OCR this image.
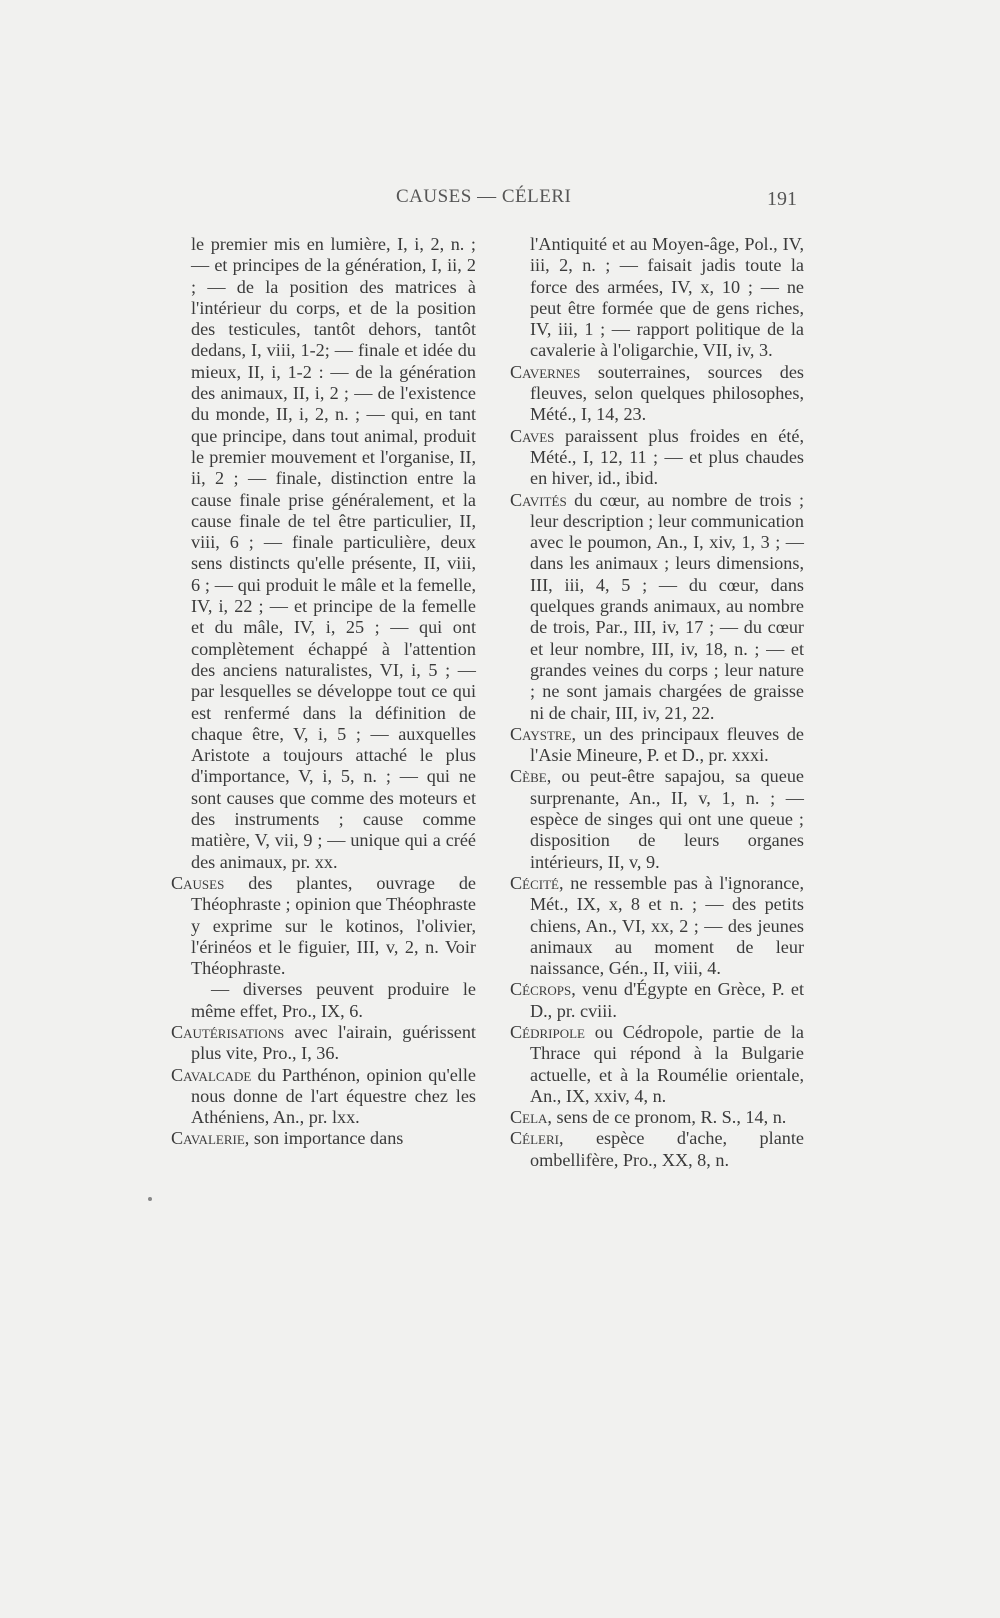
CAUSES — CÉLERI	191

le premier mis en lumière, I, i, 2, n. ; — et principes de la génération, I, ii, 2 ; — de la position des matrices à l'intérieur du corps, et de la position des testicules, tantôt dehors, tantôt dedans, I, viii, 1-2; — finale et idée du mieux, II, i, 1-2 : — de la génération des animaux, II, i, 2 ; — de l'existence du monde, II, i, 2, n. ; — qui, en tant que principe, dans tout animal, produit le premier mouvement et l'organise, II, ii, 2 ; — finale, distinction entre la cause finale prise généralement, et la cause finale de tel être particulier, II, viii, 6 ; — finale particulière, deux sens distincts qu'elle présente, II, viii, 6 ; — qui produit le mâle et la femelle, IV, i, 22 ; — et principe de la femelle et du mâle, IV, i, 25 ; — qui ont complètement échappé à l'attention des anciens naturalistes, VI, i, 5 ; — par lesquelles se développe tout ce qui est renfermé dans la définition de chaque être, V, i, 5 ; — auxquelles Aristote a toujours attaché le plus d'importance, V, i, 5, n. ; — qui ne sont causes que comme des moteurs et des instruments ; cause comme matière, V, vii, 9 ; — unique qui a créé des animaux, pr. xx.

Causes des plantes, ouvrage de Théophraste ; opinion que Théophraste y exprime sur le kotinos, l'olivier, l'érinéos et le figuier, III, v, 2, n. Voir Théophraste.

— diverses peuvent produire le même effet, Pro., IX, 6.

Cautérisations avec l'airain, guérissent plus vite, Pro., I, 36.

Cavalcade du Parthénon, opinion qu'elle nous donne de l'art équestre chez les Athéniens, An., pr. lxx.

Cavalerie, son importance dans

l'Antiquité et au Moyen-âge, Pol., IV, iii, 2, n. ; — faisait jadis toute la force des armées, IV, x, 10 ; — ne peut être formée que de gens riches, IV, iii, 1 ; — rapport politique de la cavalerie à l'oligarchie, VII, iv, 3.

Cavernes souterraines, sources des fleuves, selon quelques philosophes, Mété., I, 14, 23.

Caves paraissent plus froides en été, Mété., I, 12, 11 ; — et plus chaudes en hiver, id., ibid.

Cavités du cœur, au nombre de trois ; leur description ; leur communication avec le poumon, An., I, xiv, 1, 3 ; — dans les animaux ; leurs dimensions, III, iii, 4, 5 ; — du cœur, dans quelques grands animaux, au nombre de trois, Par., III, iv, 17 ; — du cœur et leur nombre, III, iv, 18, n. ; — et grandes veines du corps ; leur nature ; ne sont jamais chargées de graisse ni de chair, III, iv, 21, 22.

Caystre, un des principaux fleuves de l'Asie Mineure, P. et D., pr. xxxi.

Cèbe, ou peut-être sapajou, sa queue surprenante, An., II, v, 1, n. ; — espèce de singes qui ont une queue ; disposition de leurs organes intérieurs, II, v, 9.

Cécité, ne ressemble pas à l'ignorance, Mét., IX, x, 8 et n. ; — des petits chiens, An., VI, xx, 2 ; — des jeunes animaux au moment de leur naissance, Gén., II, viii, 4.

Cécrops, venu d'Égypte en Grèce, P. et D., pr. cviii.

Cédripole ou Cédropole, partie de la Thrace qui répond à la Bulgarie actuelle, et à la Roumélie orientale, An., IX, xxiv, 4, n.

Cela, sens de ce pronom, R. S., 14, n.

Céleri, espèce d'ache, plante ombellifère, Pro., XX, 8, n.
